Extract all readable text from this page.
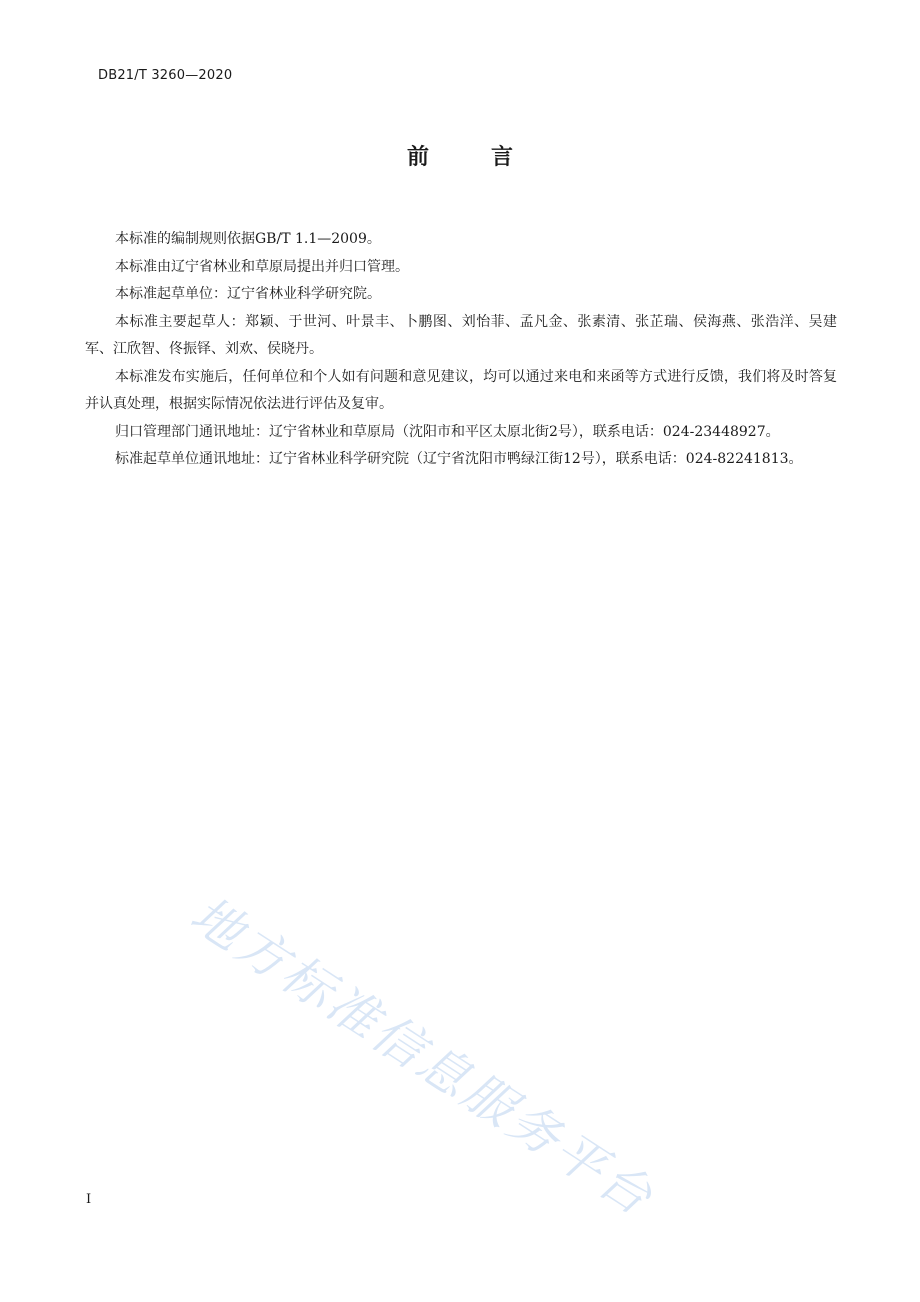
DB21/T 3260—2020
前	言

本标准的编制规则依据GB/T 1.1—2009。

本标准由辽宁省林业和草原局提出并归口管理。

本标准起草单位：辽宁省林业科学研究院。

本标准主要起草人：郑颖、于世河、叶景丰、卜鹏图、刘怡菲、孟凡金、张素清、张芷瑞、侯海燕、张浩洋、吴建军、江欣智、佟振铎、刘欢、侯晓丹。

本标准发布实施后，任何单位和个人如有问题和意见建议，均可以通过来电和来函等方式进行反馈，我们将及时答复并认真处理，根据实际情况依法进行评估及复审。

归口管理部门通讯地址：辽宁省林业和草原局（沈阳市和平区太原北街2号），联系电话：024-23448927。

标准起草单位通讯地址：辽宁省林业科学研究院（辽宁省沈阳市鸭绿江街12号），联系电话：024-82241813。

地方标准信息服务平台
I
